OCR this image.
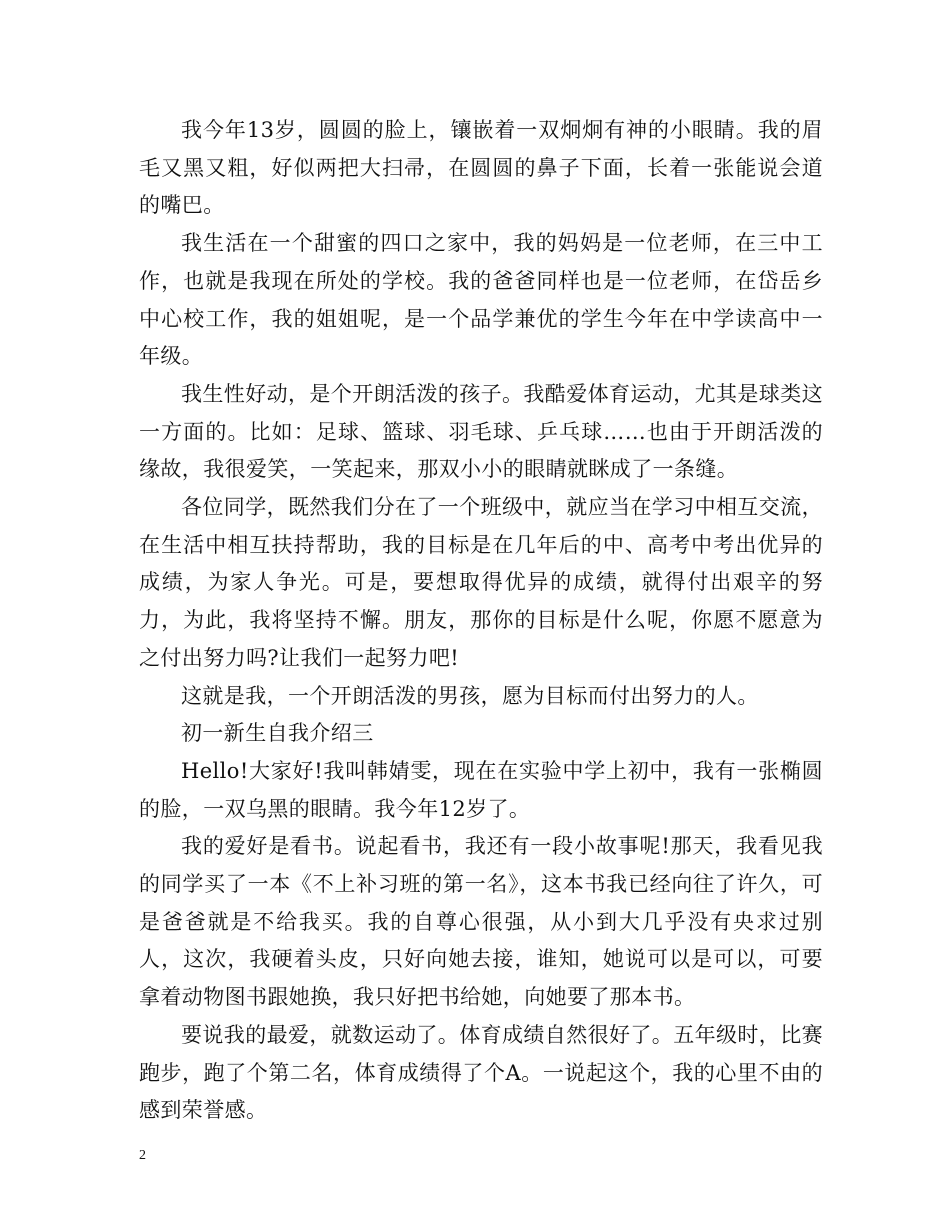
我今年13岁，圆圆的脸上，镶嵌着一双炯炯有神的小眼睛。我的眉毛又黑又粗，好似两把大扫帚，在圆圆的鼻子下面，长着一张能说会道的嘴巴。

我生活在一个甜蜜的四口之家中，我的妈妈是一位老师，在三中工作，也就是我现在所处的学校。我的爸爸同样也是一位老师，在岱岳乡中心校工作，我的姐姐呢，是一个品学兼优的学生今年在中学读高中一年级。

我生性好动，是个开朗活泼的孩子。我酷爱体育运动，尤其是球类这一方面的。比如：足球、篮球、羽毛球、乒乓球……也由于开朗活泼的缘故，我很爱笑，一笑起来，那双小小的眼睛就眯成了一条缝。

各位同学，既然我们分在了一个班级中，就应当在学习中相互交流，在生活中相互扶持帮助，我的目标是在几年后的中、高考中考出优异的成绩，为家人争光。可是，要想取得优异的成绩，就得付出艰辛的努力，为此，我将坚持不懈。朋友，那你的目标是什么呢，你愿不愿意为之付出努力吗?让我们一起努力吧!

这就是我，一个开朗活泼的男孩，愿为目标而付出努力的人。

初一新生自我介绍三

Hello!大家好!我叫韩婧雯，现在在实验中学上初中，我有一张椭圆的脸，一双乌黑的眼睛。我今年12岁了。

我的爱好是看书。说起看书，我还有一段小故事呢!那天，我看见我的同学买了一本《不上补习班的第一名》，这本书我已经向往了许久，可是爸爸就是不给我买。我的自尊心很强，从小到大几乎没有央求过别人，这次，我硬着头皮，只好向她去接，谁知，她说可以是可以，可要拿着动物图书跟她换，我只好把书给她，向她要了那本书。

要说我的最爱，就数运动了。体育成绩自然很好了。五年级时，比赛跑步，跑了个第二名，体育成绩得了个A。一说起这个，我的心里不由的感到荣誉感。

2
